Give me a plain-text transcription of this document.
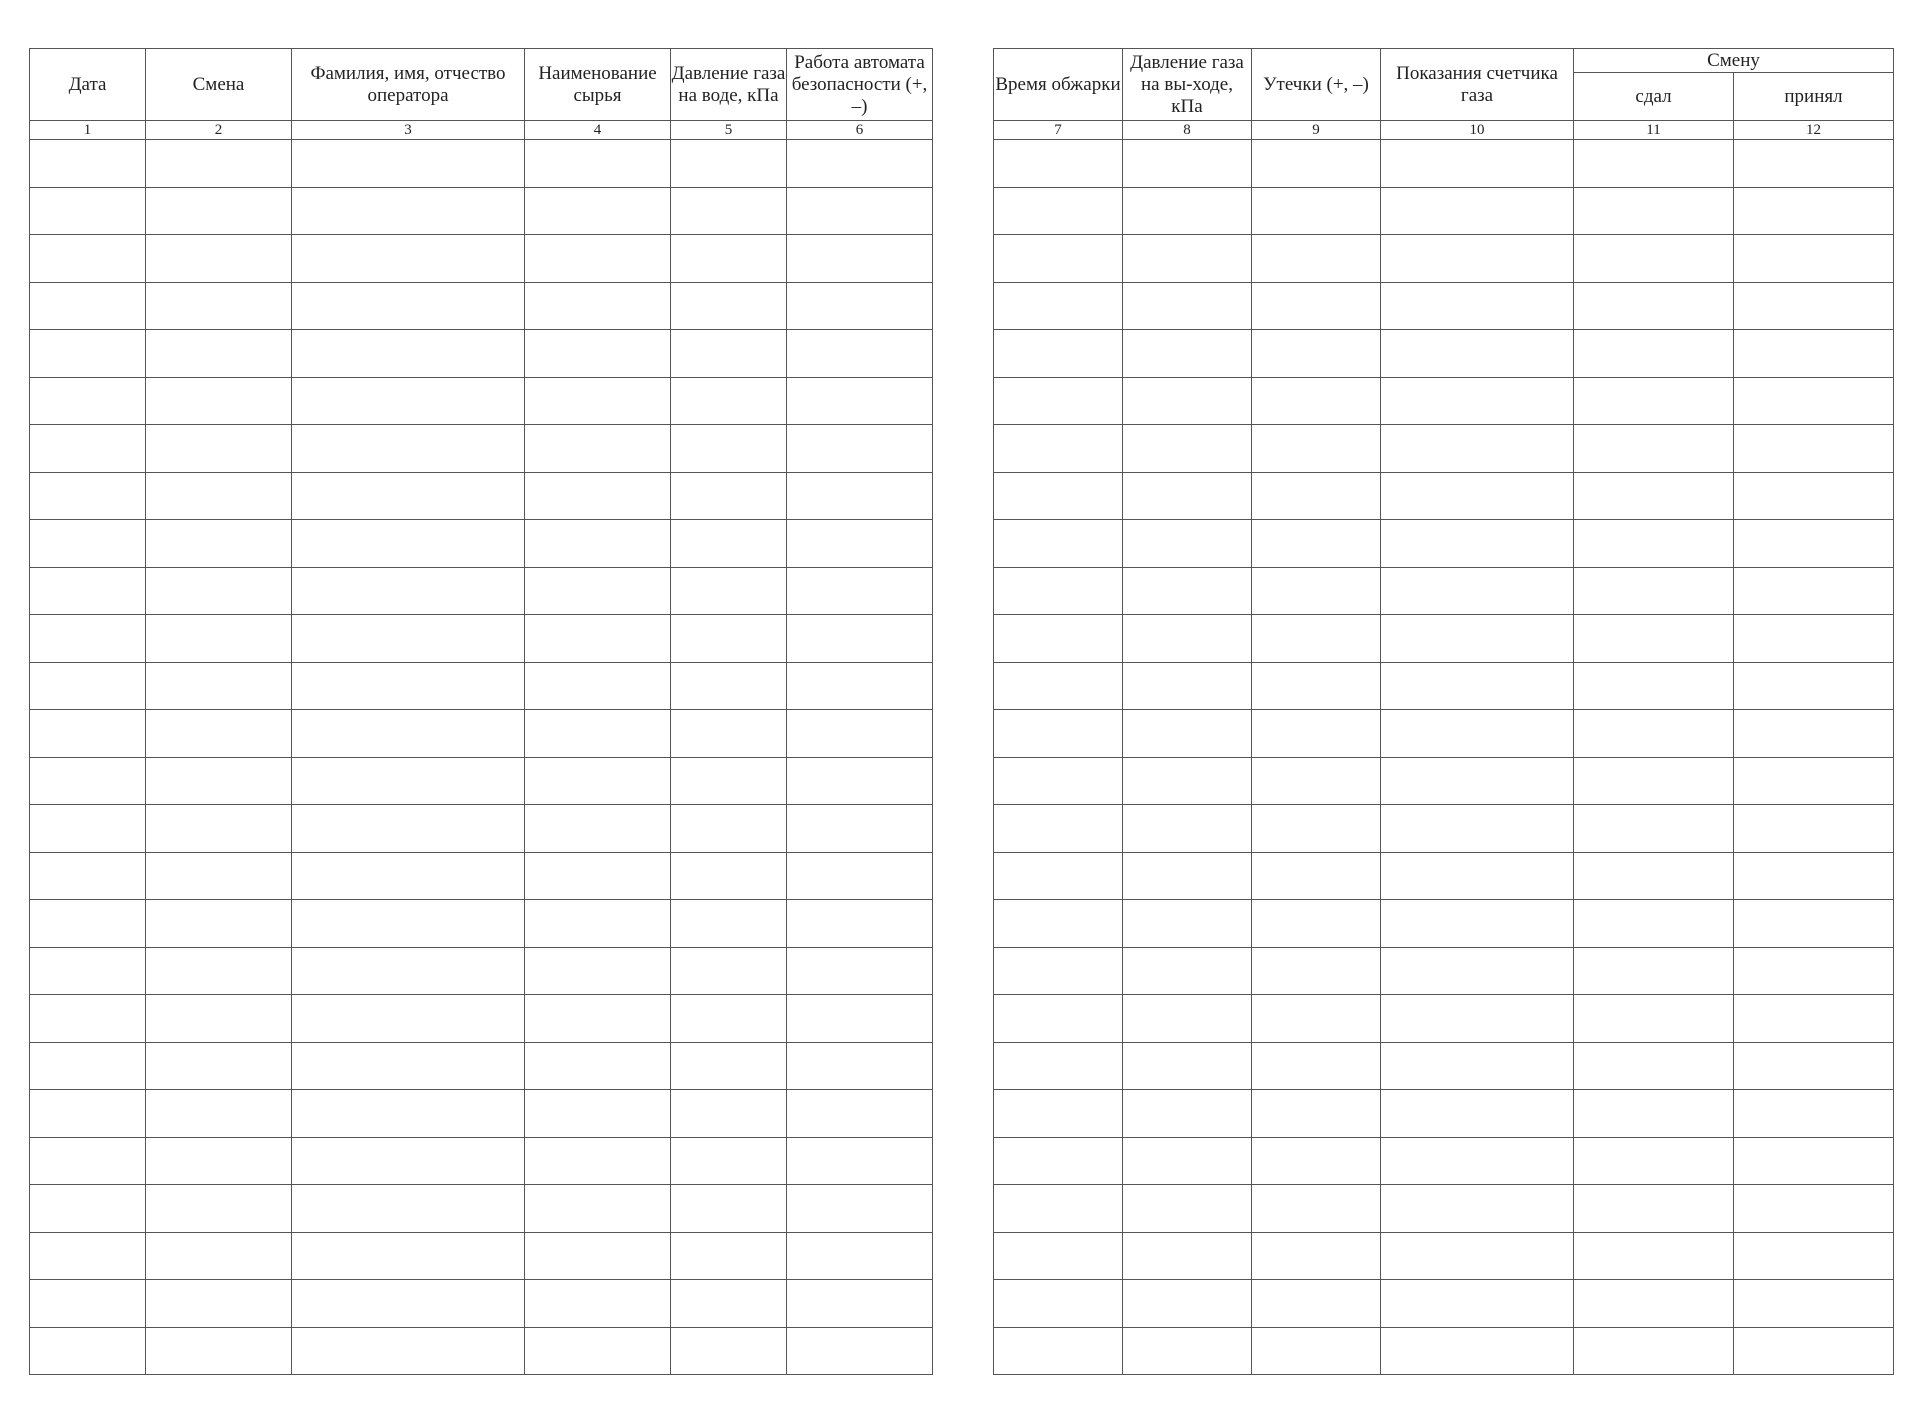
Дата	Смена	Фамилия, имя, отчество оператора	Наименование сырья	Давление газа на воде, кПа	Работа автомата безопасности (+, –)
1	2	3	4	5	6

Время обжарки	Давление газа на вы-ходе, кПа	Утечки (+, –)	Показания счетчика газа	Смену	
				сдал	принял
7	8	9	10	11	12
